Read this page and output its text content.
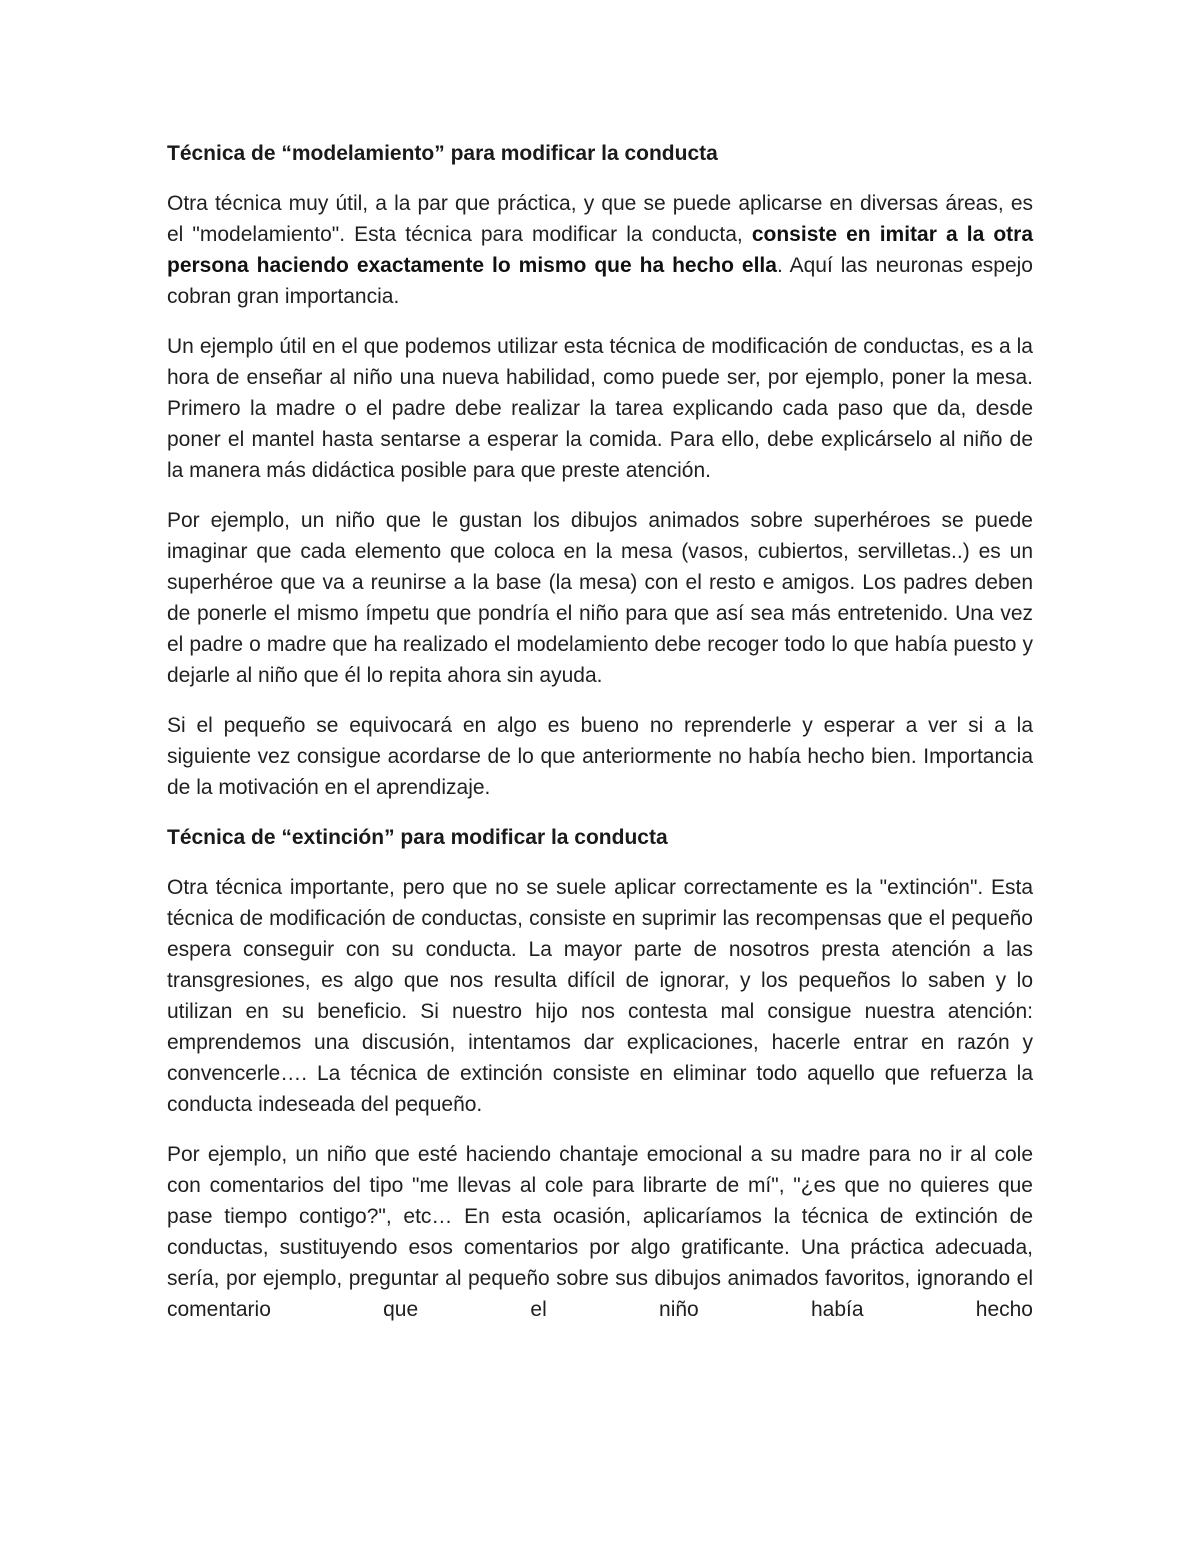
Técnica de “modelamiento” para modificar la conducta

Otra técnica muy útil, a la par que práctica, y que se puede aplicarse en diversas áreas, es el "modelamiento". Esta técnica para modificar la conducta, consiste en imitar a la otra persona haciendo exactamente lo mismo que ha hecho ella. Aquí las neuronas espejo cobran gran importancia.

Un ejemplo útil en el que podemos utilizar esta técnica de modificación de conductas, es a la hora de enseñar al niño una nueva habilidad, como puede ser, por ejemplo, poner la mesa. Primero la madre o el padre debe realizar la tarea explicando cada paso que da, desde poner el mantel hasta sentarse a esperar la comida. Para ello, debe explicárselo al niño de la manera más didáctica posible para que preste atención.

Por ejemplo, un niño que le gustan los dibujos animados sobre superhéroes se puede imaginar que cada elemento que coloca en la mesa (vasos, cubiertos, servilletas..) es un superhéroe que va a reunirse a la base (la mesa) con el resto e amigos. Los padres deben de ponerle el mismo ímpetu que pondría el niño para que así sea más entretenido. Una vez el padre o madre que ha realizado el modelamiento debe recoger todo lo que había puesto y dejarle al niño que él lo repita ahora sin ayuda.

Si el pequeño se equivocará en algo es bueno no reprenderle y esperar a ver si a la siguiente vez consigue acordarse de lo que anteriormente no había hecho bien. Importancia de la motivación en el aprendizaje.

Técnica de “extinción” para modificar la conducta

Otra técnica importante, pero que no se suele aplicar correctamente es la "extinción". Esta técnica de modificación de conductas, consiste en suprimir las recompensas que el pequeño espera conseguir con su conducta. La mayor parte de nosotros presta atención a las transgresiones, es algo que nos resulta difícil de ignorar, y los pequeños lo saben y lo utilizan en su beneficio. Si nuestro hijo nos contesta mal consigue nuestra atención: emprendemos una discusión, intentamos dar explicaciones, hacerle entrar en razón y convencerle…. La técnica de extinción consiste en eliminar todo aquello que refuerza la conducta indeseada del pequeño.

Por ejemplo, un niño que esté haciendo chantaje emocional a su madre para no ir al cole con comentarios del tipo "me llevas al cole para librarte de mí", "¿es que no quieres que pase tiempo contigo?", etc… En esta ocasión, aplicaríamos la técnica de extinción de conductas, sustituyendo esos comentarios por algo gratificante. Una práctica adecuada, sería, por ejemplo, preguntar al pequeño sobre sus dibujos animados favoritos, ignorando el comentario que el niño había hecho
